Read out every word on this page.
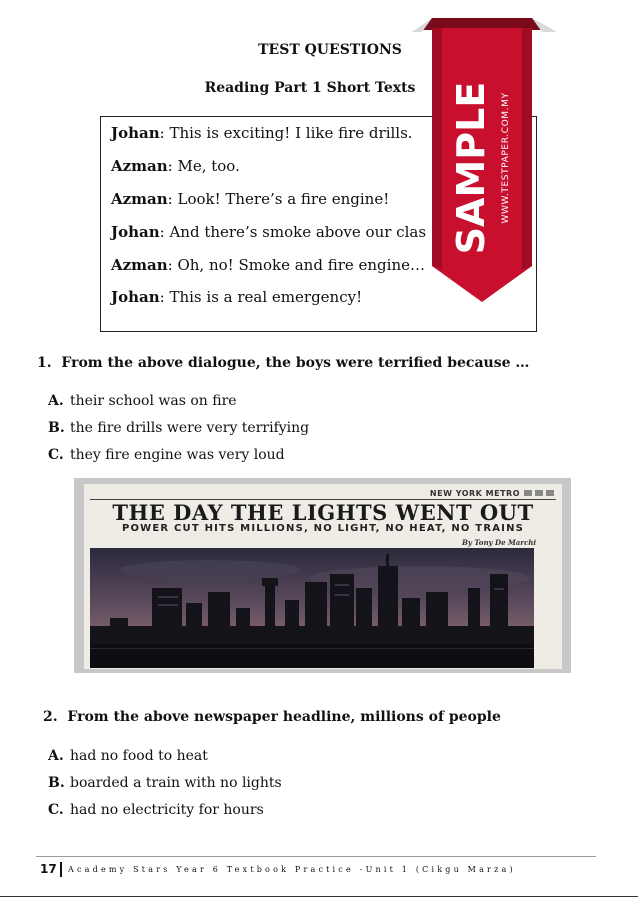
TEST QUESTIONS
Reading Part 1 Short Texts
Johan: This is exciting! I like fire drills.
Azman: Me, too.
Azman: Look! There’s a fire engine!
Johan: And there’s smoke above our clas
Azman: Oh, no! Smoke and fire engine…
Johan: This is a real emergency!
1. From the above dialogue, the boys were terrified because …
A. their school was on fire
B. the fire drills were very terrifying
C. they fire engine was very loud
NEW YORK METRO
THE DAY THE LIGHTS WENT OUT
POWER CUT HITS MILLIONS, NO LIGHT, NO HEAT, NO TRAINS
By Tony De Marchi
2. From the above newspaper headline, millions of people
A. had no food to heat
B. boarded a train with no lights
C. had no electricity for hours
17 Academy Stars Year 6 Textbook Practice -Unit 1 (Cikgu Marza)
SAMPLE WWW.TESTPAPER.COM.MY
